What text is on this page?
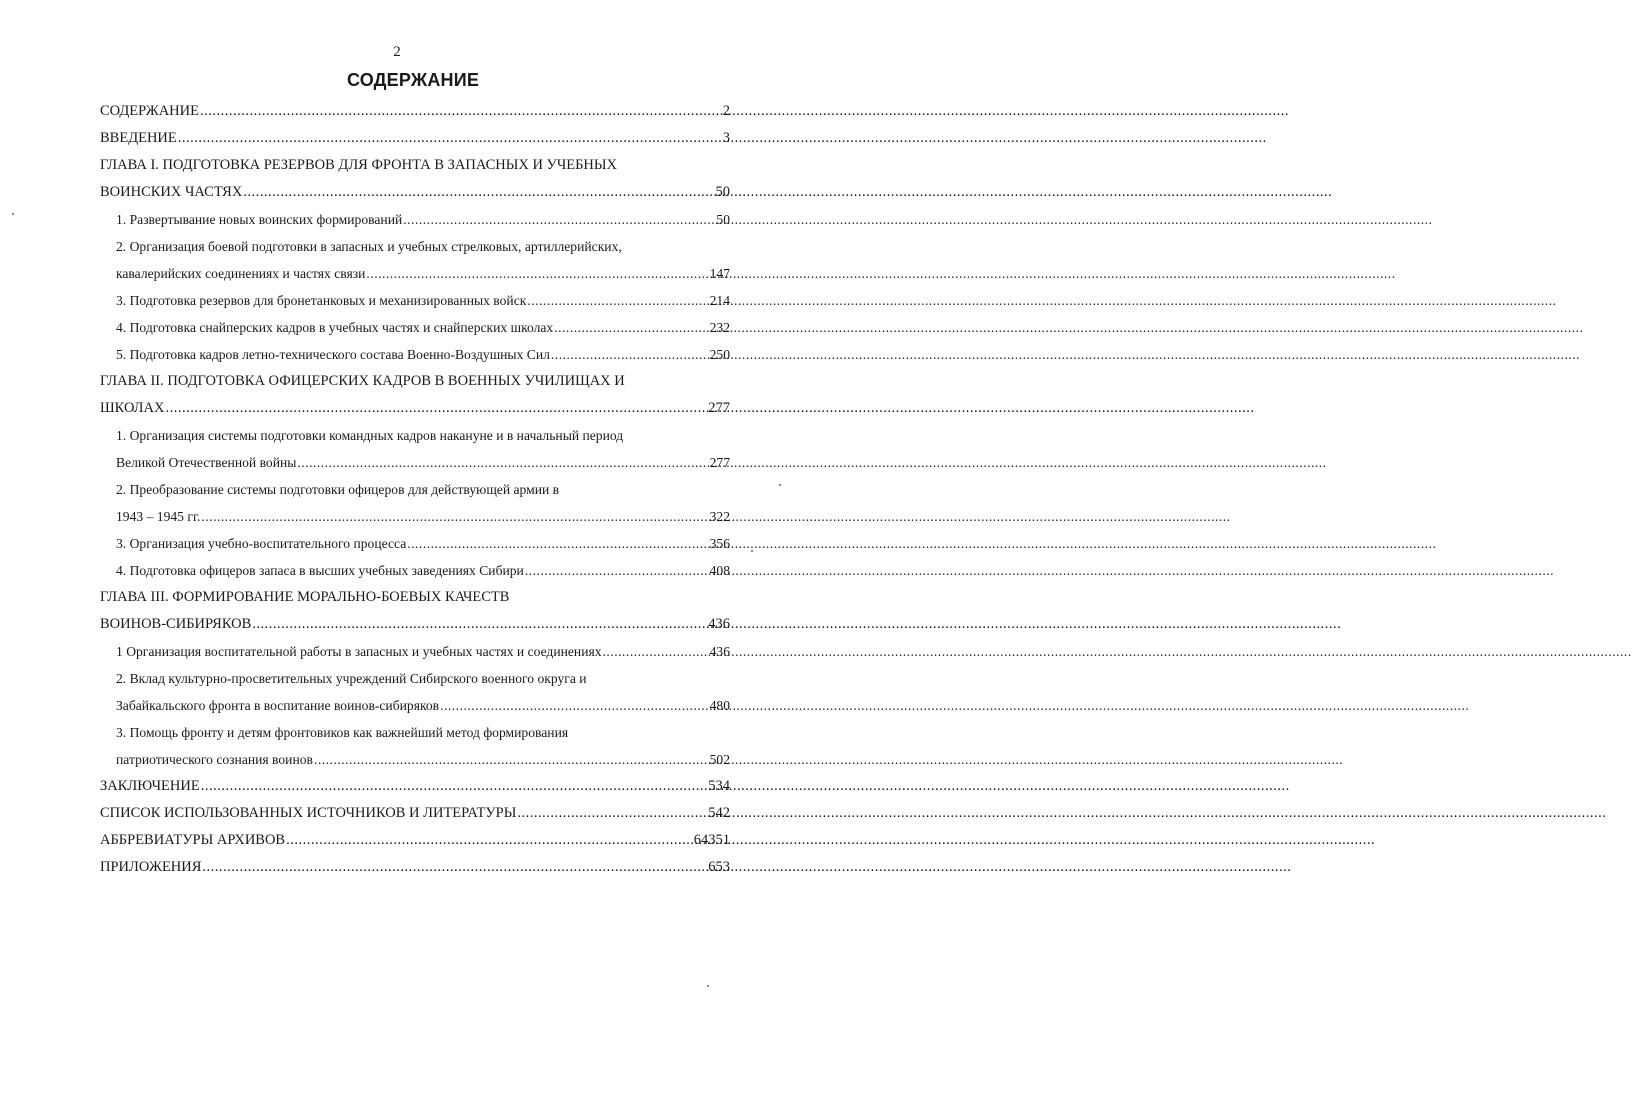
2
СОДЕРЖАНИЕ
СОДЕРЖАНИЕ .....	2
ВВЕДЕНИЕ .....	3
ГЛАВА I. ПОДГОТОВКА РЕЗЕРВОВ ДЛЯ ФРОНТА В ЗАПАСНЫХ И УЧЕБНЫХ
ВОИНСКИХ ЧАСТЯХ .....	50
1. Развертывание новых воинских формирований .....	50
2. Организация боевой подготовки в запасных и учебных стрелковых, артиллерийских,
кавалерийских соединениях и частях связи .....	147
3. Подготовка резервов для бронетанковых и механизированных войск .....	214
4. Подготовка снайперских кадров в учебных частях и снайперских школах .....	232
5. Подготовка кадров летно-технического состава Военно-Воздушных Сил .....	250
ГЛАВА II. ПОДГОТОВКА ОФИЦЕРСКИХ КАДРОВ В ВОЕННЫХ УЧИЛИЩАХ И
ШКОЛАХ .....	277
1. Организация системы подготовки командных кадров накануне и в начальный период
Великой Отечественной войны .....	277
2. Преобразование системы подготовки офицеров для действующей армии в
1943 – 1945 гг. .....	322
3. Организация учебно-воспитательного процесса .....	356
4. Подготовка офицеров запаса в высших учебных заведениях Сибири .....	408
ГЛАВА III. ФОРМИРОВАНИЕ МОРАЛЬНО-БОЕВЫХ КАЧЕСТВ
ВОИНОВ-СИБИРЯКОВ .....	436
1 Организация воспитательной работы в запасных и учебных частях и соединениях .....	436
2. Вклад культурно-просветительных учреждений Сибирского военного округа и
Забайкальского фронта в воспитание воинов-сибиряков .....	480
3. Помощь фронту и детям фронтовиков как важнейший метод формирования
патриотического сознания воинов .....	502
ЗАКЛЮЧЕНИЕ .....	534
СПИСОК ИСПОЛЬЗОВАННЫХ ИСТОЧНИКОВ И ЛИТЕРАТУРЫ .....	542
АББРЕВИАТУРЫ АРХИВОВ .....	64351
ПРИЛОЖЕНИЯ .....	653
